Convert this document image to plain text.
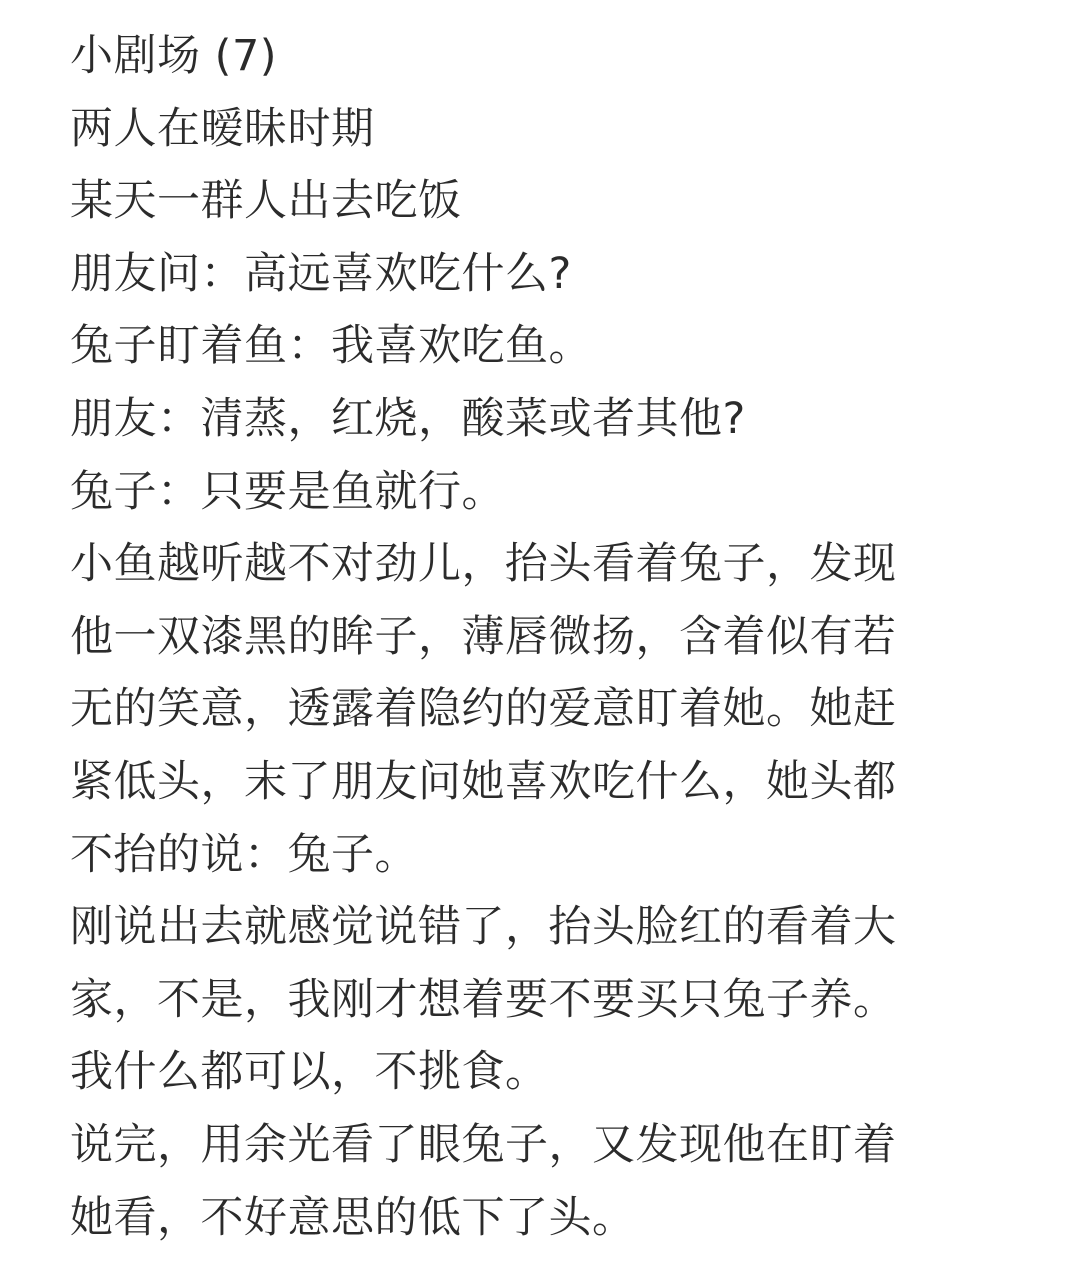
小剧场 (7)
两人在暧昧时期
某天一群人出去吃饭
朋友问：高远喜欢吃什么?
兔子盯着鱼：我喜欢吃鱼。
朋友：清蒸，红烧，酸菜或者其他?
兔子：只要是鱼就行。
小鱼越听越不对劲儿，抬头看着兔子，发现
他一双漆黑的眸子，薄唇微扬，含着似有若
无的笑意，透露着隐约的爱意盯着她。她赶
紧低头，末了朋友问她喜欢吃什么，她头都
不抬的说：兔子。
刚说出去就感觉说错了，抬头脸红的看着大
家，不是，我刚才想着要不要买只兔子养。
我什么都可以，不挑食。
说完，用余光看了眼兔子，又发现他在盯着
她看，不好意思的低下了头。
